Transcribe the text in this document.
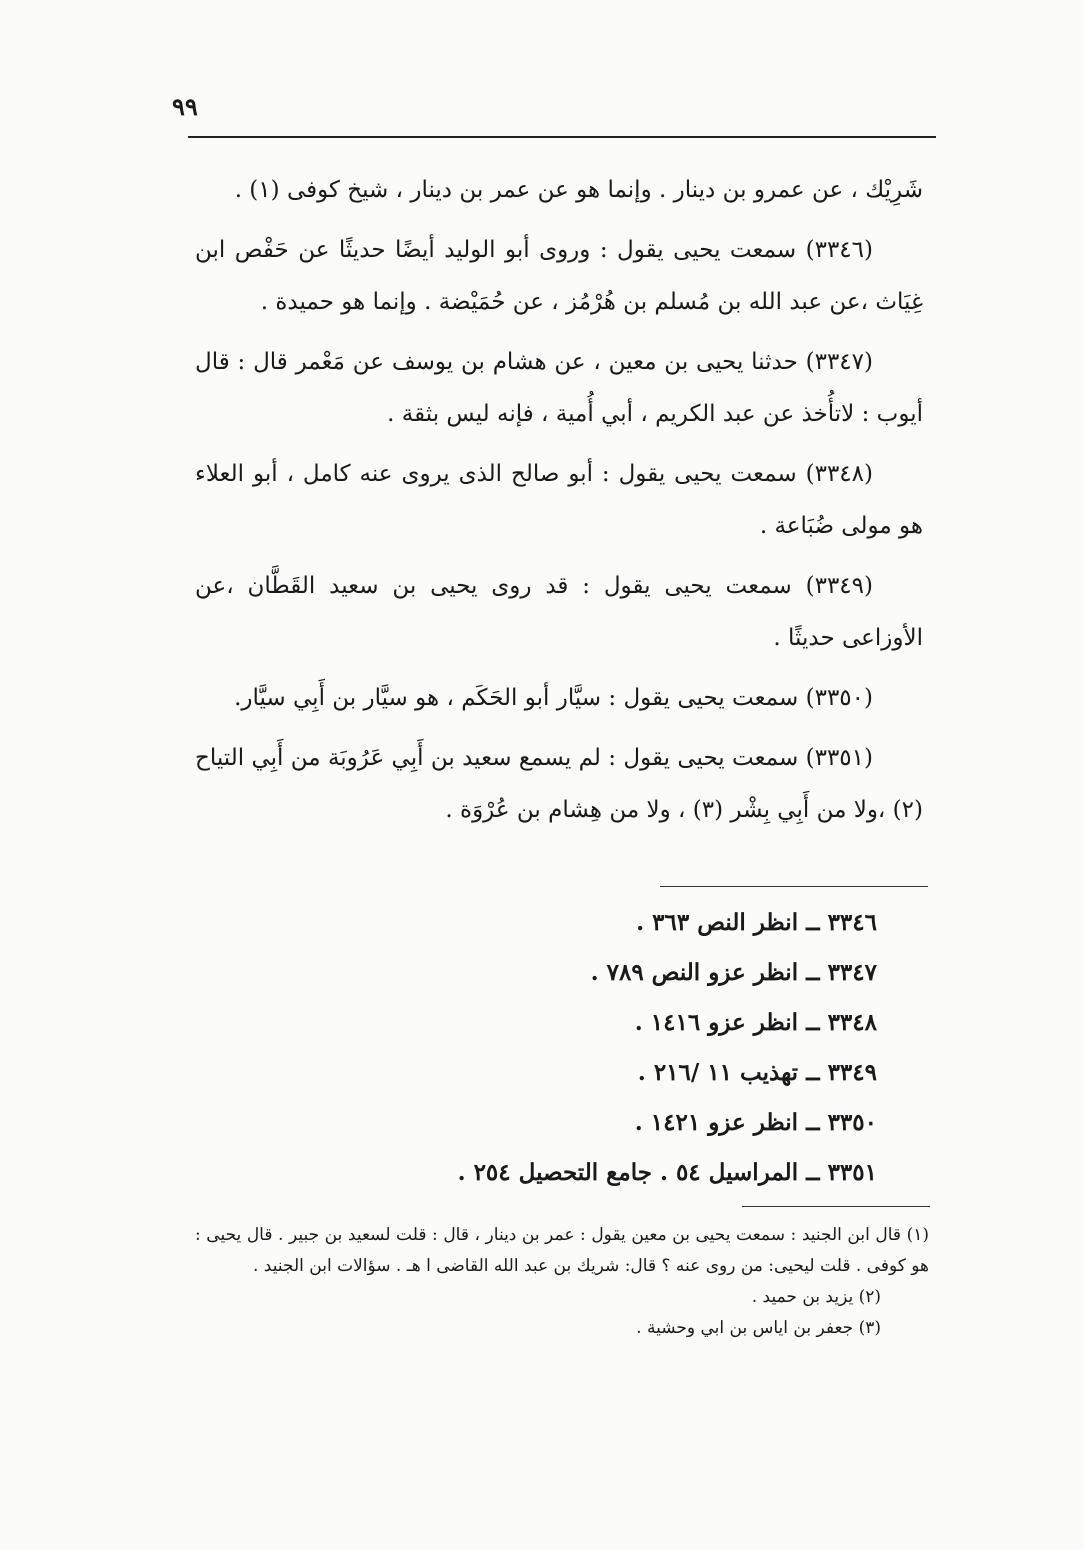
٩٩

شَرِيْك ، عن عمرو بن دينار . وإنما هو عن عمر بن دينار ، شيخ كوفى (١) .

(٣٣٤٦) سمعت يحيى يقول : وروى أبو الوليد أيضًا حديثًا عن حَفْص ابن غِيَاث ،عن عبد الله بن مُسلم بن هُرْمُز ، عن حُمَيْضة . وإنما هو حميدة .

(٣٣٤٧) حدثنا يحيى بن معين ، عن هشام بن يوسف عن مَعْمر قال : قال أيوب : لاتأُخذ عن عبد الكريم ، أبي أُمية ، فإنه ليس بثقة .

(٣٣٤٨) سمعت يحيى يقول : أبو صالح الذى يروى عنه كامل ، أبو العلاء هو مولى ضُبَاعة .

(٣٣٤٩) سمعت يحيى يقول : قد روى يحيى بن سعيد القَطَّان ،عن الأوزاعى حديثًا .

(٣٣٥٠) سمعت يحيى يقول : سيَّار أبو الحَكَم ، هو سيَّار بن أَبِي سيَّار.

(٣٣٥١) سمعت يحيى يقول : لم يسمع سعيد بن أَبِي عَرُوبَة من أَبِي التياح (٢) ،ولا من أَبِي بِشْر (٣) ، ولا من هِشام بن عُرْوَة .

٣٣٤٦ ــ انظر النص ٣٦٣ .

٣٣٤٧ ــ انظر عزو النص ٧٨٩ .

٣٣٤٨ ــ انظر عزو ١٤١٦ .

٣٣٤٩ ــ تهذيب ١١ /٢١٦ .

٣٣٥٠ ــ انظر عزو ١٤٢١ .

٣٣٥١ ــ المراسيل ٥٤ . جامع التحصيل ٢٥٤ .

(١) قال ابن الجنيد : سمعت يحيى بن معين يقول : عمر بن دينار ، قال : قلت لسعيد بن جبير . قال يحيى : هو كوفى . قلت ليحيى: من روى عنه ؟ قال: شريك بن عبد الله القاضى ا هـ . سؤالات ابن الجنيد .

(٢) يزيد بن حميد .

(٣) جعفر بن اياس بن ابي وحشية .
